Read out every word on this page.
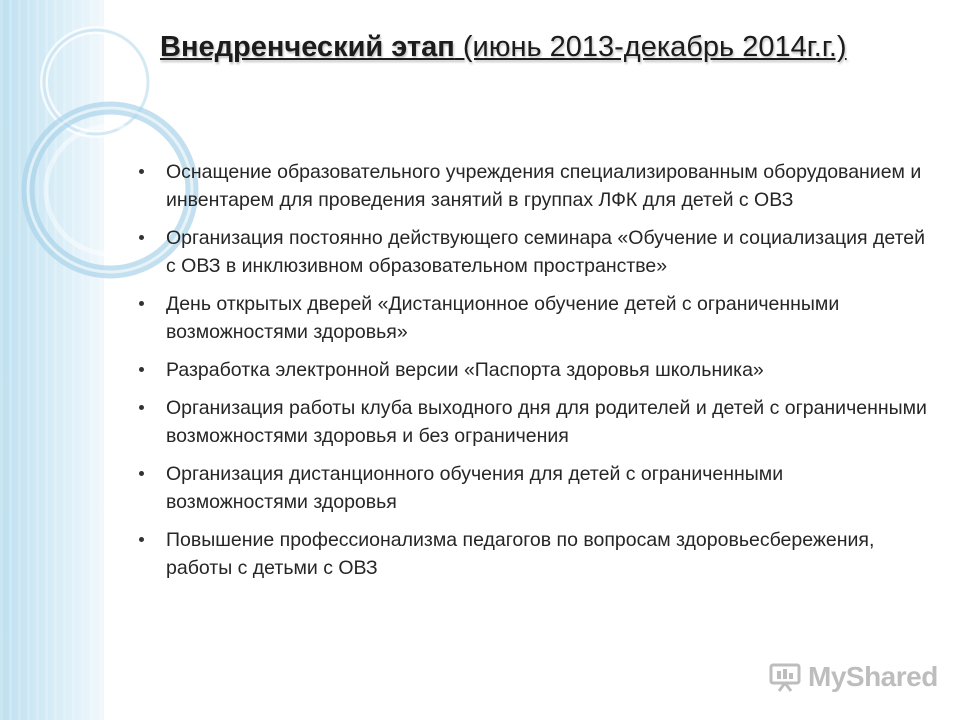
Внедренческий этап (июнь 2013-декабрь 2014г.г.)
Оснащение образовательного учреждения специализированным оборудованием и инвентарем для проведения занятий в группах ЛФК для детей с ОВЗ
Организация постоянно действующего семинара «Обучение и социализация детей с ОВЗ в инклюзивном образовательном пространстве»
День открытых дверей «Дистанционное обучение детей с ограниченными возможностями здоровья»
Разработка электронной версии «Паспорта здоровья школьника»
Организация работы клуба выходного дня для родителей и детей с ограниченными возможностями здоровья и без ограничения
Организация дистанционного обучения для детей с ограниченными возможностями здоровья
Повышение профессионализма педагогов по вопросам здоровьесбережения, работы с детьми с ОВЗ
MyShared
